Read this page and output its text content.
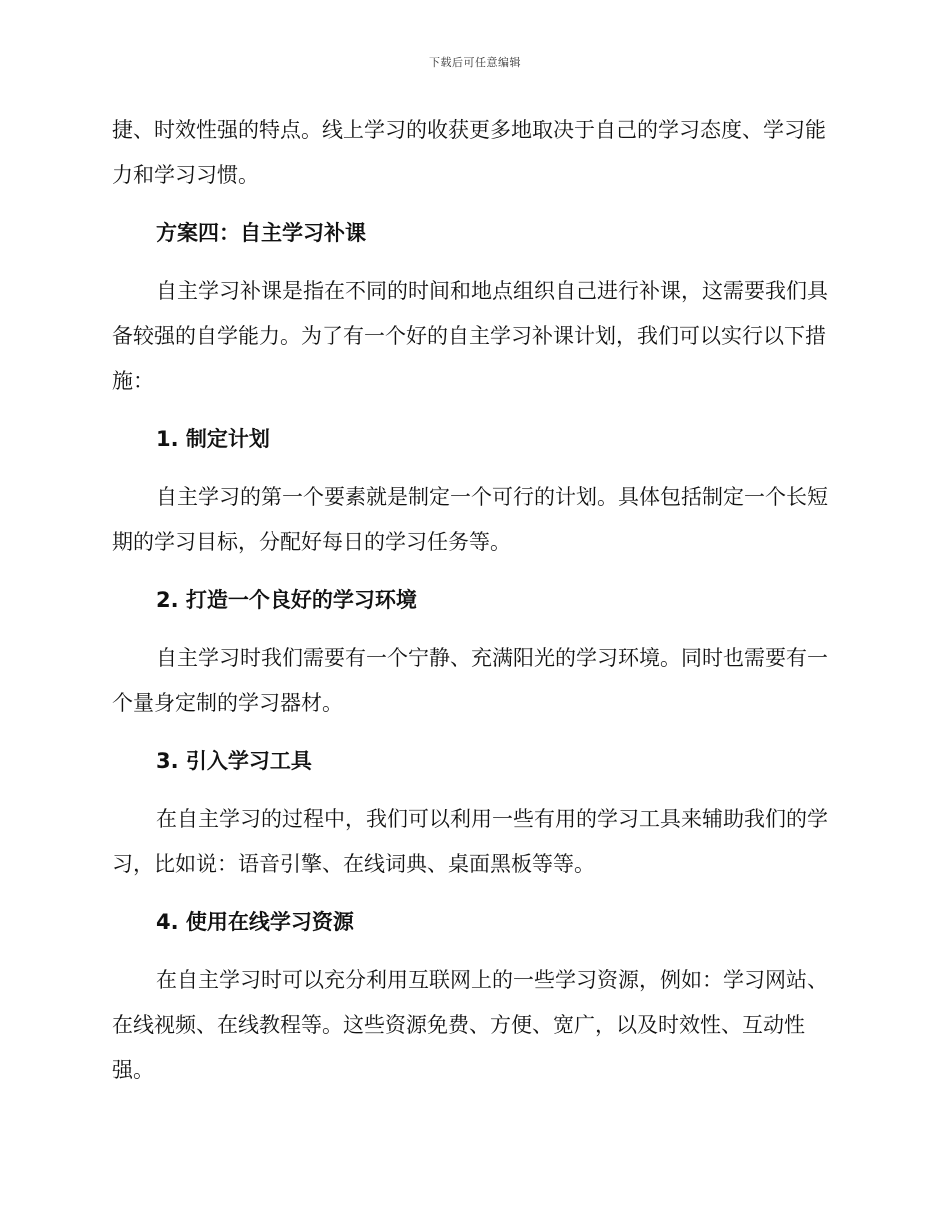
下载后可任意编辑

捷、时效性强的特点。线上学习的收获更多地取决于自己的学习态度、学习能力和学习习惯。

方案四：自主学习补课

自主学习补课是指在不同的时间和地点组织自己进行补课，这需要我们具备较强的自学能力。为了有一个好的自主学习补课计划，我们可以实行以下措施：

1. 制定计划

自主学习的第一个要素就是制定一个可行的计划。具体包括制定一个长短期的学习目标，分配好每日的学习任务等。

2. 打造一个良好的学习环境

自主学习时我们需要有一个宁静、充满阳光的学习环境。同时也需要有一个量身定制的学习器材。

3. 引入学习工具

在自主学习的过程中，我们可以利用一些有用的学习工具来辅助我们的学习，比如说：语音引擎、在线词典、桌面黑板等等。

4. 使用在线学习资源

在自主学习时可以充分利用互联网上的一些学习资源，例如：学习网站、在线视频、在线教程等。这些资源免费、方便、宽广，以及时效性、互动性强。
